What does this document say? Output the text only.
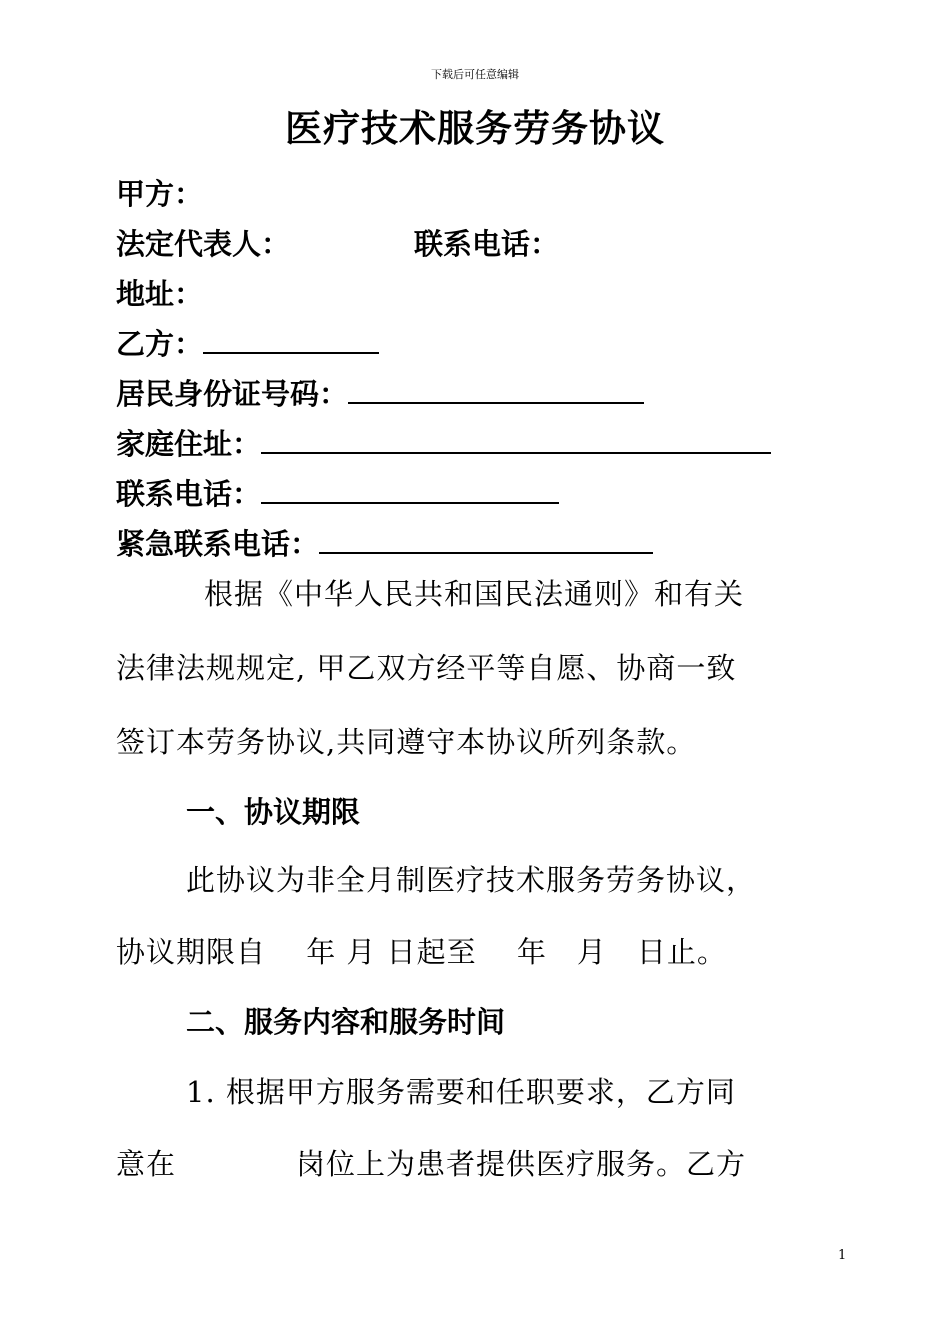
下载后可任意编辑
医疗技术服务劳务协议
甲方：
法定代表人：	联系电话：
地址：
乙方：
居民身份证号码：
家庭住址：
联系电话：
紧急联系电话：
根据《中华人民共和国民法通则》和有关
法律法规规定, 甲乙双方经平等自愿、协商一致
签订本劳务协议,共同遵守本协议所列条款。
一、协议期限
此协议为非全月制医疗技术服务劳务协议，
协议期限自　 年 月 日起至　 年　月　日止。
二、服务内容和服务时间
1. 根据甲方服务需要和任职要求，乙方同
意在　　　　岗位上为患者提供医疗服务。乙方
1
